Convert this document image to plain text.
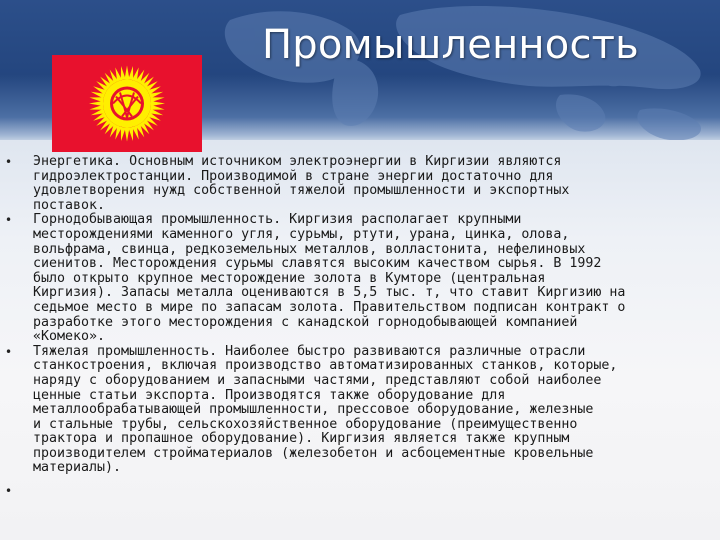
Промышленность
• Энергетика. Основным источником электроэнергии в Киргизии являются
гидроэлектростанции. Производимой в стране энергии достаточно для
удовлетворения нужд собственной тяжелой промышленности и экспортных
поставок.
• Горнодобывающая промышленность. Киргизия располагает крупными
месторождениями каменного угля, сурьмы, ртути, урана, цинка, олова,
вольфрама, свинца, редкоземельных металлов, волластонита, нефелиновых
сиенитов. Месторождения сурьмы славятся высоким качеством сырья. В 1992
было открыто крупное месторождение золота в Кумторе (центральная
Киргизия). Запасы металла оцениваются в 5,5 тыс. т, что ставит Киргизию на
седьмое место в мире по запасам золота. Правительством подписан контракт о
разработке этого месторождения с канадской горнодобывающей компанией
«Комеко».
• Тяжелая промышленность. Наиболее быстро развиваются различные отрасли
станкостроения, включая производство автоматизированных станков, которые,
наряду с оборудованием и запасными частями, представляют собой наиболее
ценные статьи экспорта. Производятся также оборудование для
металлообрабатывающей промышленности, прессовое оборудование, железные
и стальные трубы, сельскохозяйственное оборудование (преимущественно
трактора и пропашное оборудование). Киргизия является также крупным
производителем стройматериалов (железобетон и асбоцементные кровельные
материалы).
•
